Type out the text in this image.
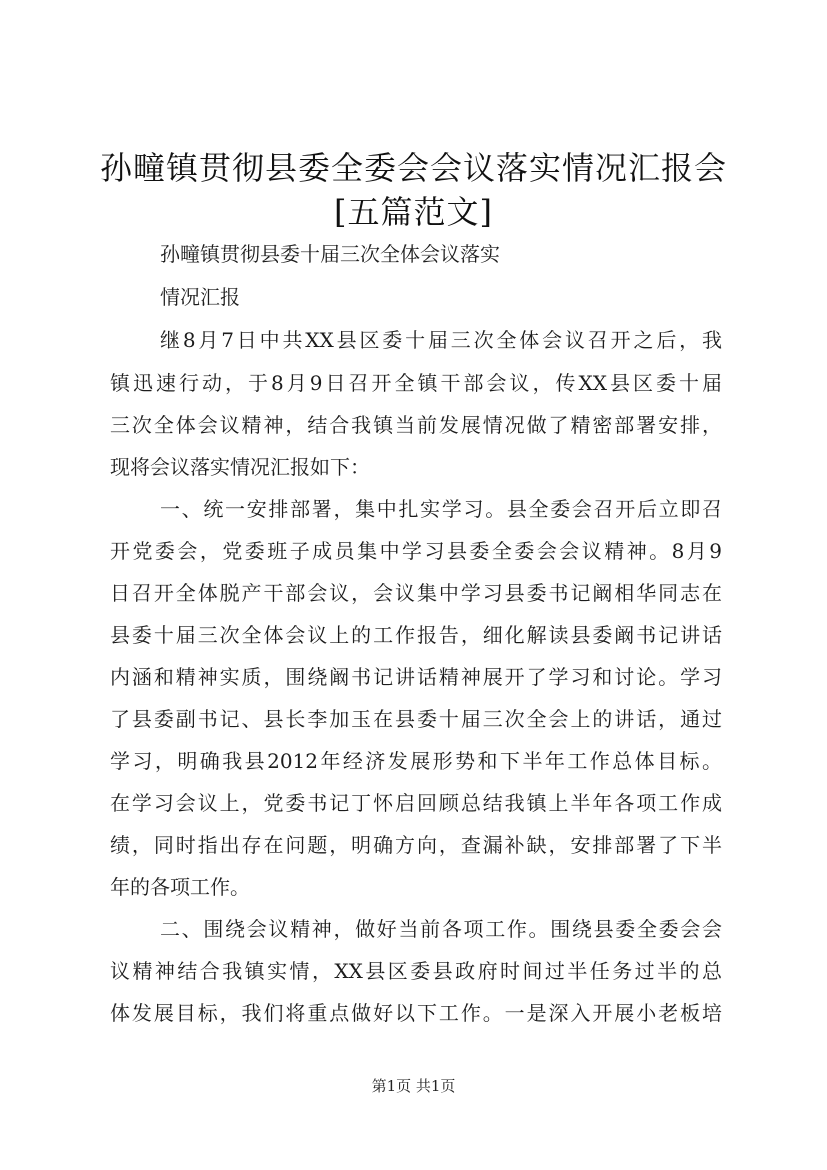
孙疃镇贯彻县委全委会会议落实情况汇报会
[五篇范文]
孙疃镇贯彻县委十届三次全体会议落实
情况汇报
继8月7日中共XX县区委十届三次全体会议召开之后，我
镇迅速行动，于8月9日召开全镇干部会议，传XX县区委十届
三次全体会议精神，结合我镇当前发展情况做了精密部署安排，
现将会议落实情况汇报如下：
一、统一安排部署，集中扎实学习。县全委会召开后立即召
开党委会，党委班子成员集中学习县委全委会会议精神。8月9
日召开全体脱产干部会议，会议集中学习县委书记阚相华同志在
县委十届三次全体会议上的工作报告，细化解读县委阚书记讲话
内涵和精神实质，围绕阚书记讲话精神展开了学习和讨论。学习
了县委副书记、县长李加玉在县委十届三次全会上的讲话，通过
学习，明确我县2012年经济发展形势和下半年工作总体目标。
在学习会议上，党委书记丁怀启回顾总结我镇上半年各项工作成
绩，同时指出存在问题，明确方向，查漏补缺，安排部署了下半
年的各项工作。
二、围绕会议精神，做好当前各项工作。围绕县委全委会会
议精神结合我镇实情，XX县区委县政府时间过半任务过半的总
体发展目标，我们将重点做好以下工作。一是深入开展小老板培
第1页 共1页
